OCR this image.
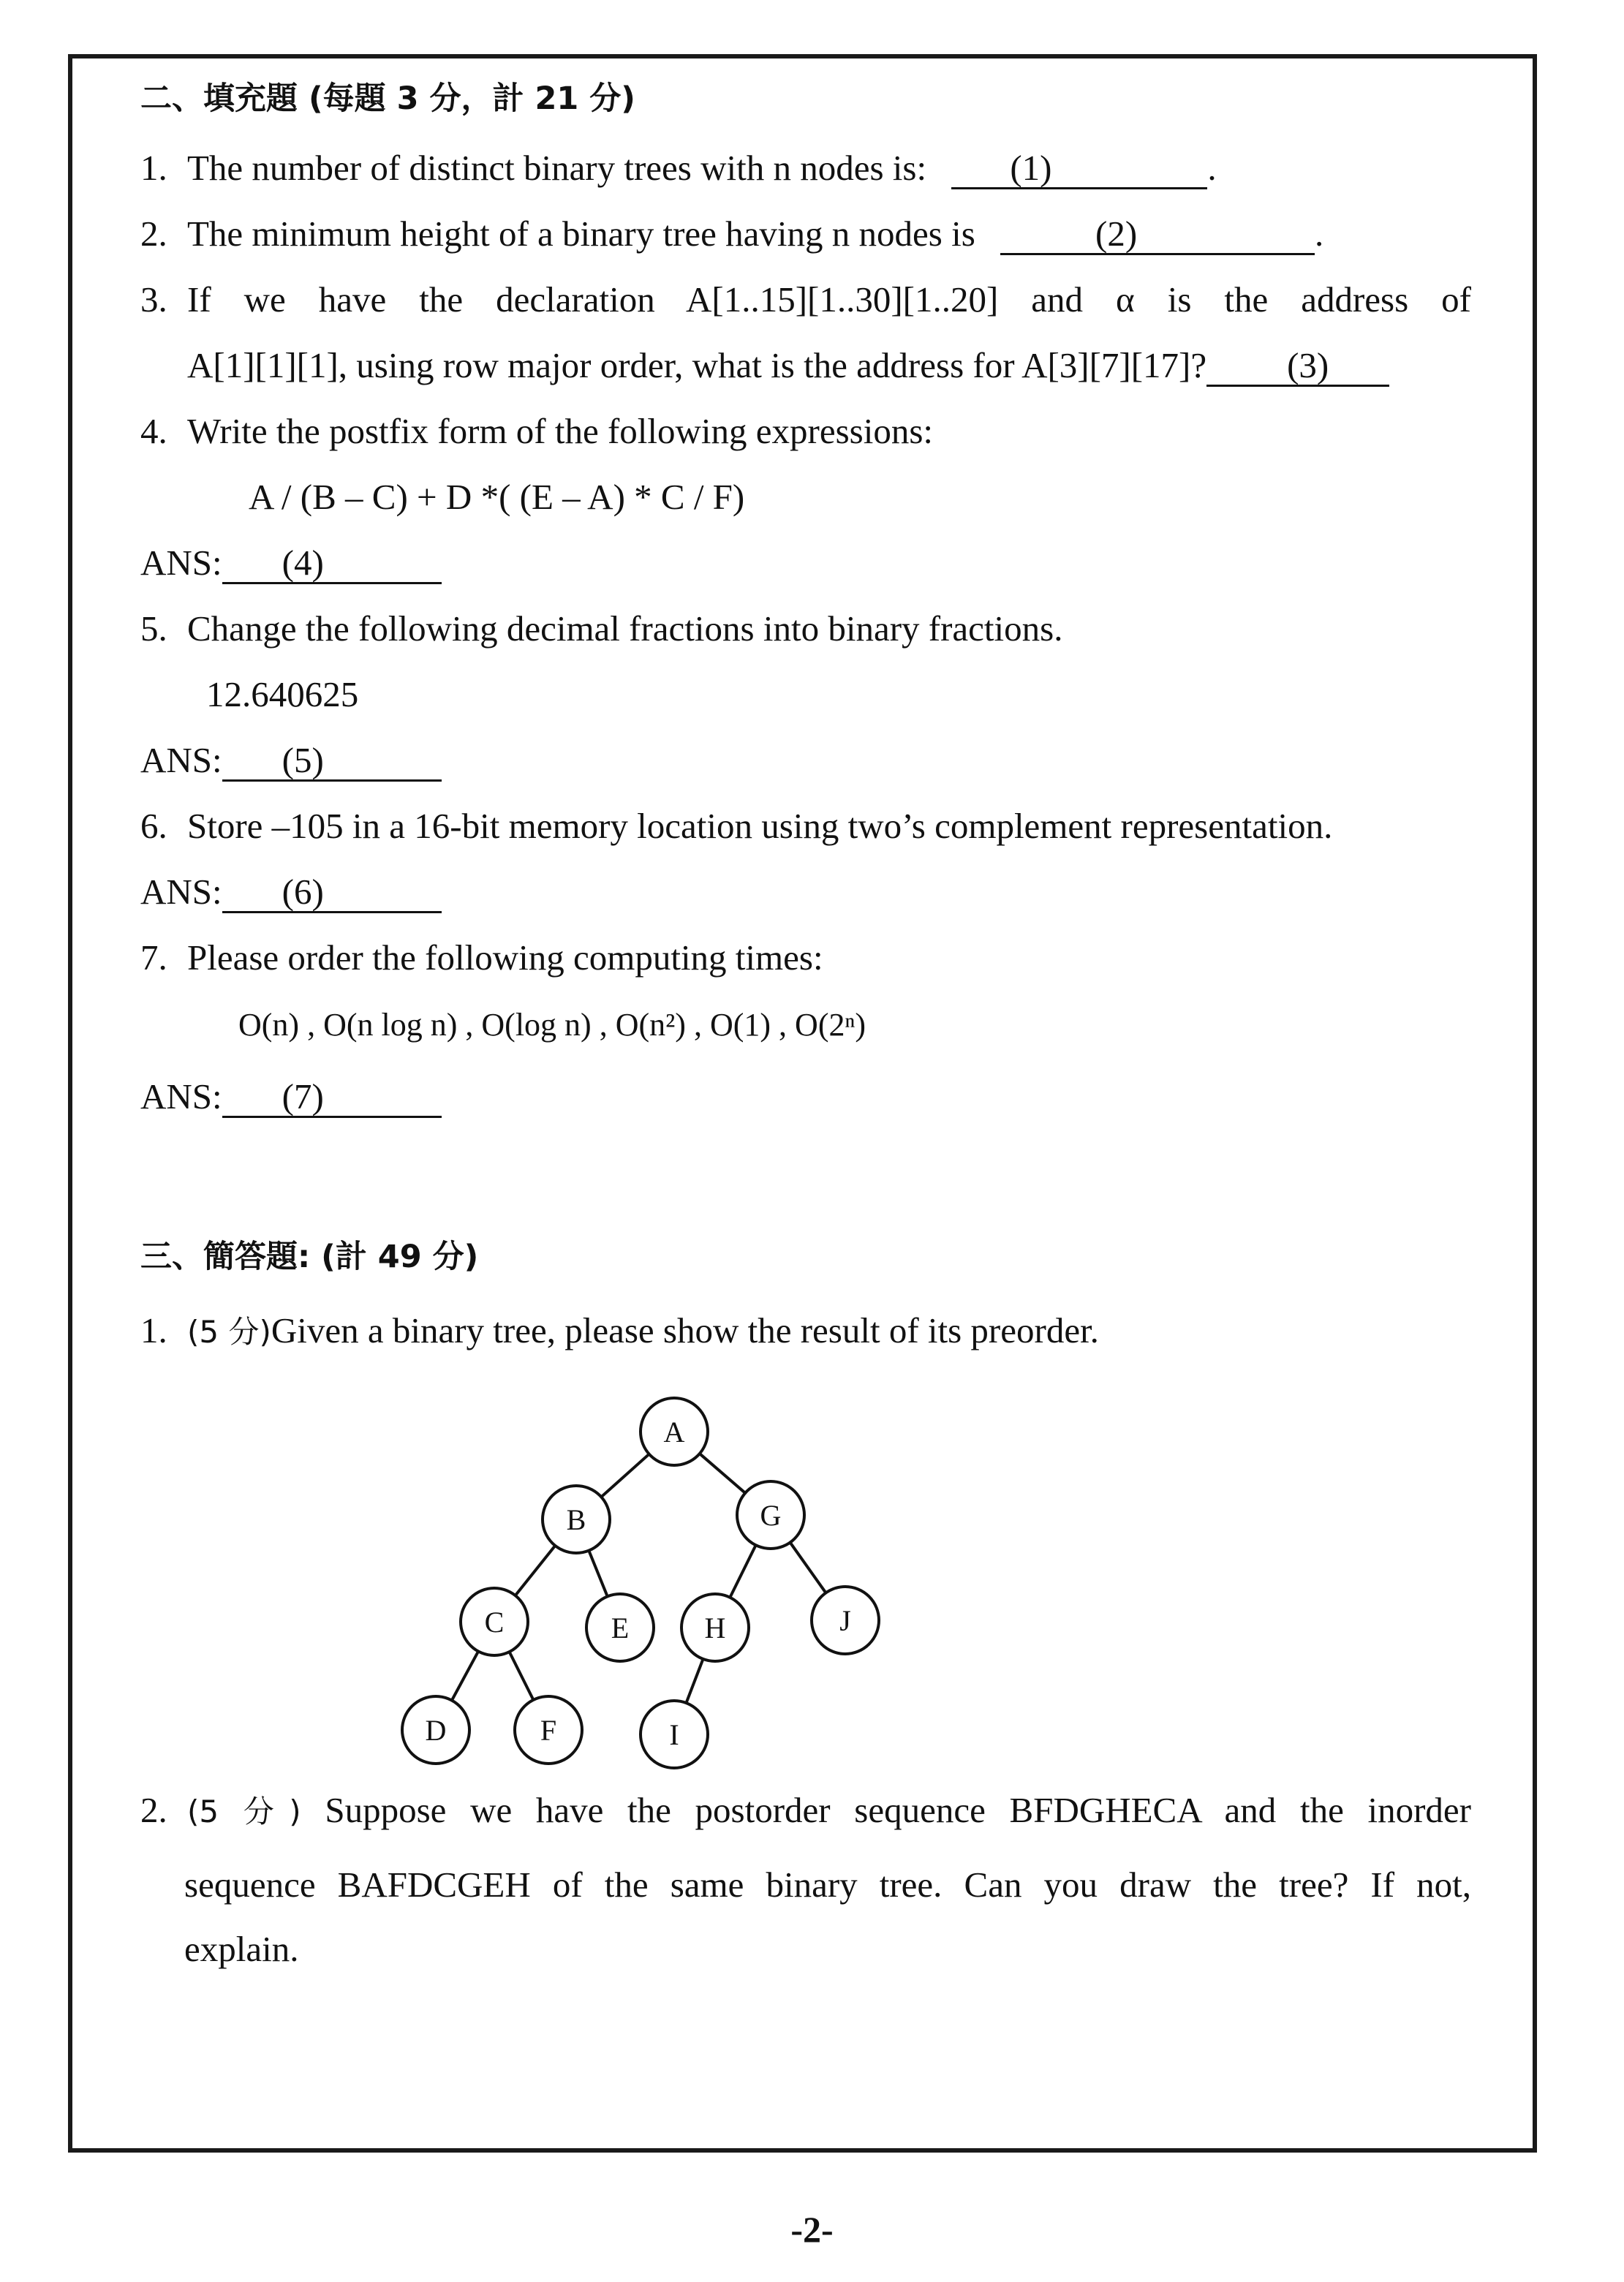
二、填充題 (每題 3 分，計 21 分)
1. The number of distinct binary trees with n nodes is: (1)	.
2. The minimum height of a binary tree having n nodes is	(2)	.
3. If we have the declaration A[1..15][1..30][1..20] and α is the address of
A[1][1][1], using row major order, what is the address for A[3][7][17]? (3)
4. Write the postfix form of the following expressions:
A / (B – C) + D *( (E – A) * C / F)
ANS: (4)
5. Change the following decimal fractions into binary fractions.
12.640625
ANS: (5)
6. Store –105 in a 16-bit memory location using two’s complement representation.
ANS: (6)
7. Please order the following computing times:
O(n) , O(n log n) , O(log n) , O(n²) , O(1) , O(2ⁿ)
ANS: (7)
三、簡答題: (計 49 分)
1. (5 分)Given a binary tree, please show the result of its preorder.
A
B	G
C	E	H	J
D	F	I
2. (5 分) Suppose we have the postorder sequence BFDGHECA and the inorder
sequence BAFDCGEH of the same binary tree. Can you draw the tree? If not,
explain.
-2-
